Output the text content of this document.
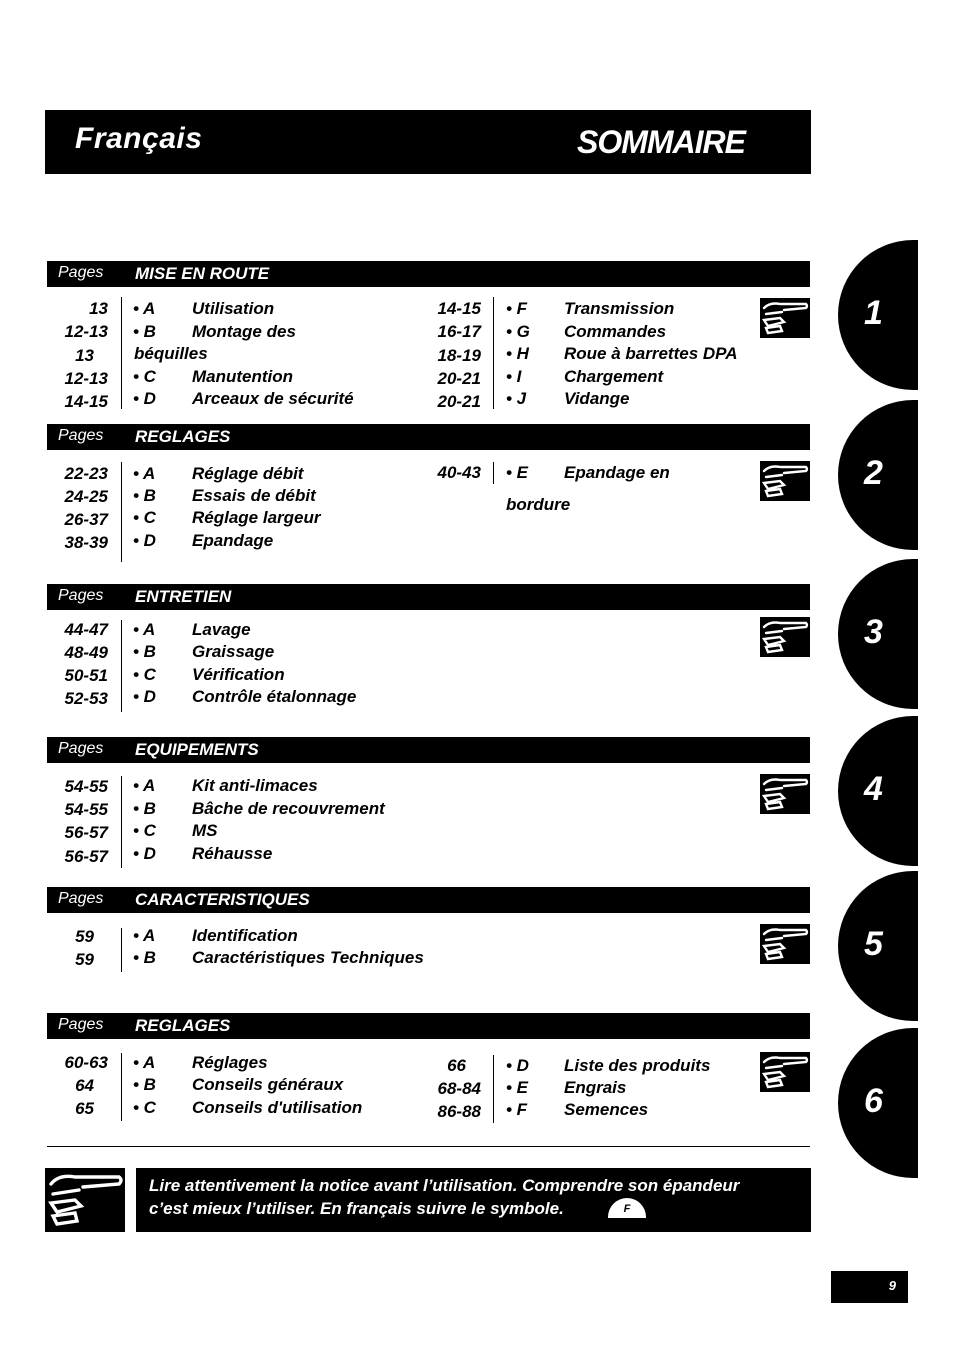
Français	SOMMAIRE
Pages MISE EN ROUTE
Pages REGLAGES
Pages ENTRETIEN
Pages EQUIPEMENTS
Pages CARACTERISTIQUES
Pages REGLAGES
13 • A Utilisation
12-13 • B Montage des
13 béquilles
12-13 • C Manutention
14-15 • D Arceaux de sécurité
14-15 • F Transmission
16-17 • G Commandes
18-19 • H Roue à barrettes DPA
20-21 • I	Chargement
20-21 • J Vidange
22-23 • A Réglage débit
24-25 • B Essais de débit
26-37 • C Réglage largeur
38-39 • D Epandage
40-43 • E Epandage en
bordure
44-47 • A Lavage
48-49 • B Graissage
50-51 • C Vérification
52-53 • D Contrôle étalonnage
54-55 • A Kit anti-limaces
54-55 • B Bâche de recouvrement
56-57 • C MS
56-57 • D Réhausse
59 • A Identification
59 • B Caractéristiques Techniques
60-63 • A Réglages
64 • B Conseils généraux
65 • C Conseils d'utilisation
66 • D Liste des produits
68-84 • E Engrais
86-88 • F Semences
1
2
3
4
5
6
Lire attentivement la notice avant l’utilisation. Comprendre son épandeur
c’est mieux l’utiliser. En français suivre le symbole.	F
9
